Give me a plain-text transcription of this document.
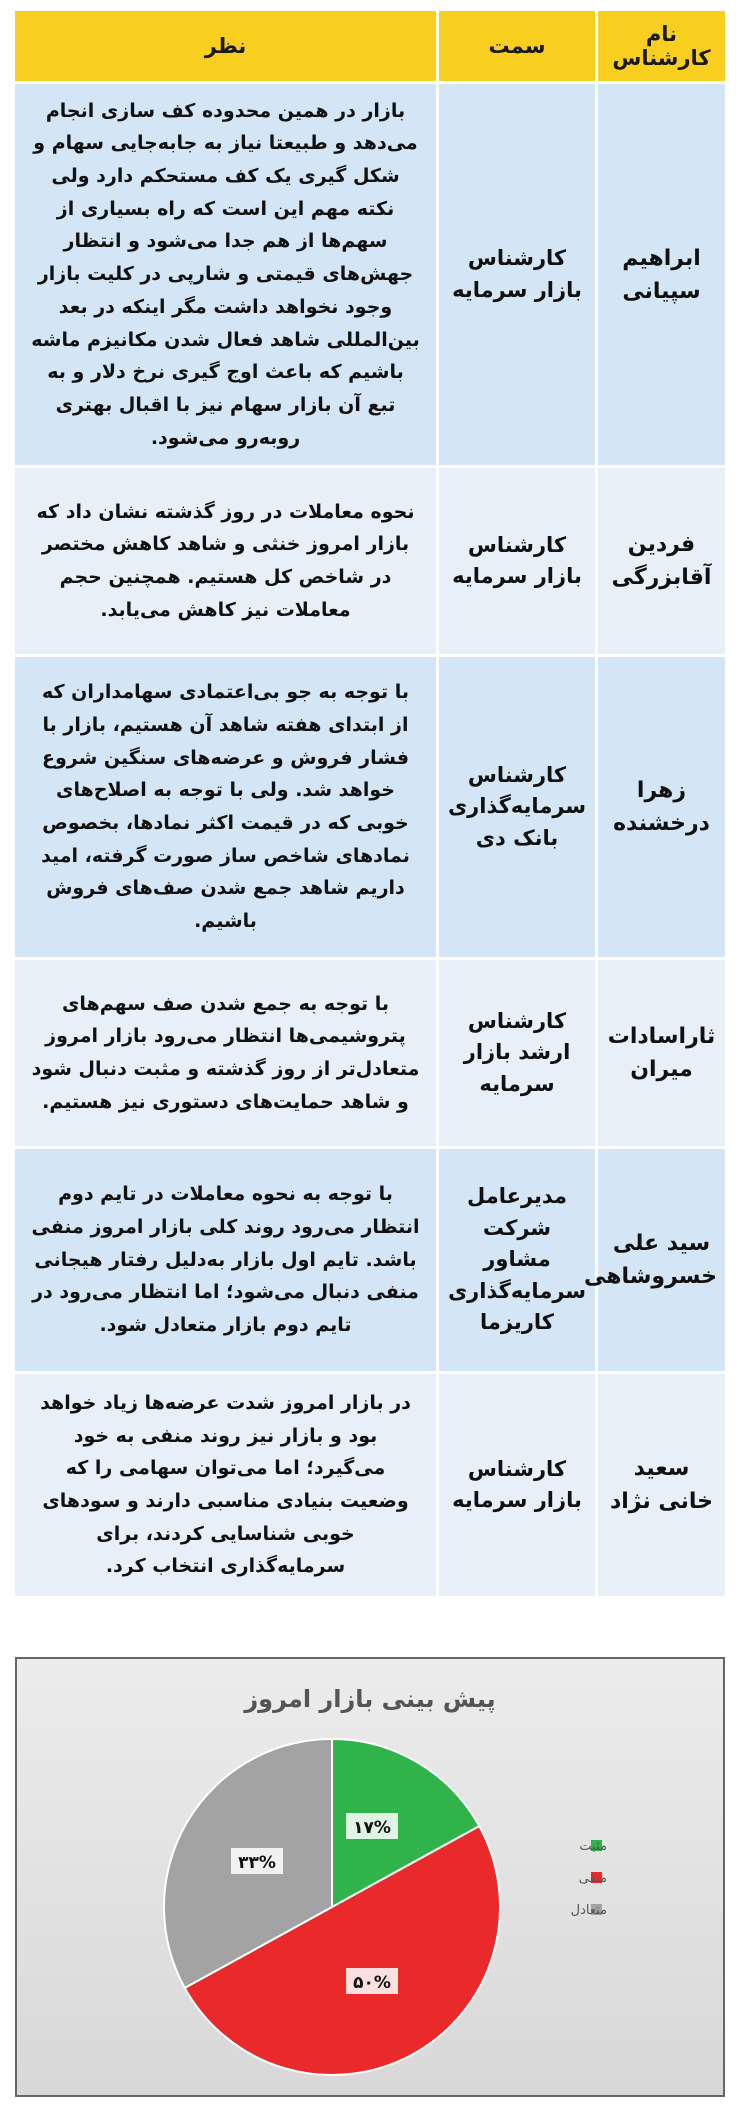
نام کارشناس	سمت	نظر
ابراهیم سپیانی	کارشناس بازار سرمایه	بازار در همین محدوده کف سازی انجام می‌دهد و طبیعتا نیاز به جابه‌جایی سهام و شکل گیری یک کف مستحکم دارد ولی نکته مهم این است که راه بسیاری از سهم‌ها از هم جدا می‌شود و انتظار جهش‌های قیمتی و شارپی در کلیت بازار وجود نخواهد داشت مگر اینکه در بعد بین‌المللی شاهد فعال شدن مکانیزم ماشه باشیم که باعث اوج گیری نرخ دلار و به تبع آن بازار سهام نیز با اقبال بهتری روبه‌رو می‌شود.
فردین آقابزرگی	کارشناس بازار سرمایه	نحوه معاملات در روز گذشته نشان داد که بازار امروز خنثی و شاهد کاهش مختصر در شاخص کل هستیم. همچنین حجم معاملات نیز کاهش می‌یابد.
زهرا درخشنده	کارشناس سرمایه‌گذاری بانک دی	با توجه به جو بی‌اعتمادی سهامداران که از ابتدای هفته شاهد آن هستیم، بازار با فشار فروش و عرضه‌های سنگین شروع خواهد شد. ولی با توجه به اصلاح‌های خوبی که در قیمت اکثر نمادها، بخصوص نمادهای شاخص ساز صورت گرفته، امید داریم شاهد جمع شدن صف‌های فروش باشیم.
ثاراسادات میران	کارشناس ارشد بازار سرمایه	با توجه به جمع شدن صف سهم‌های پتروشیمی‌ها انتظار می‌رود بازار امروز متعادل‌تر از روز گذشته و مثبت دنبال شود و شاهد حمایت‌های دستوری نیز هستیم.
سید علی خسروشاهی	مدیرعامل شرکت مشاور سرمایه‌گذاری کاریزما	با توجه به نحوه معاملات در تایم دوم انتظار می‌رود روند کلی بازار امروز منفی باشد. تایم اول بازار به‌دلیل رفتار هیجانی منفی دنبال می‌شود؛ اما انتظار می‌رود در تایم دوم بازار متعادل شود.
سعید خانی نژاد	کارشناس بازار سرمایه	در بازار امروز شدت عرضه‌ها زیاد خواهد بود و بازار نیز روند منفی به خود می‌گیرد؛ اما می‌توان سهامی را که وضعیت بنیادی مناسبی دارند و سودهای خوبی شناسایی کردند، برای سرمایه‌گذاری انتخاب کرد.
پیش بینی بازار امروز
۱۷%
۵۰%
۳۳%
مثبت
منفی
متعادل
